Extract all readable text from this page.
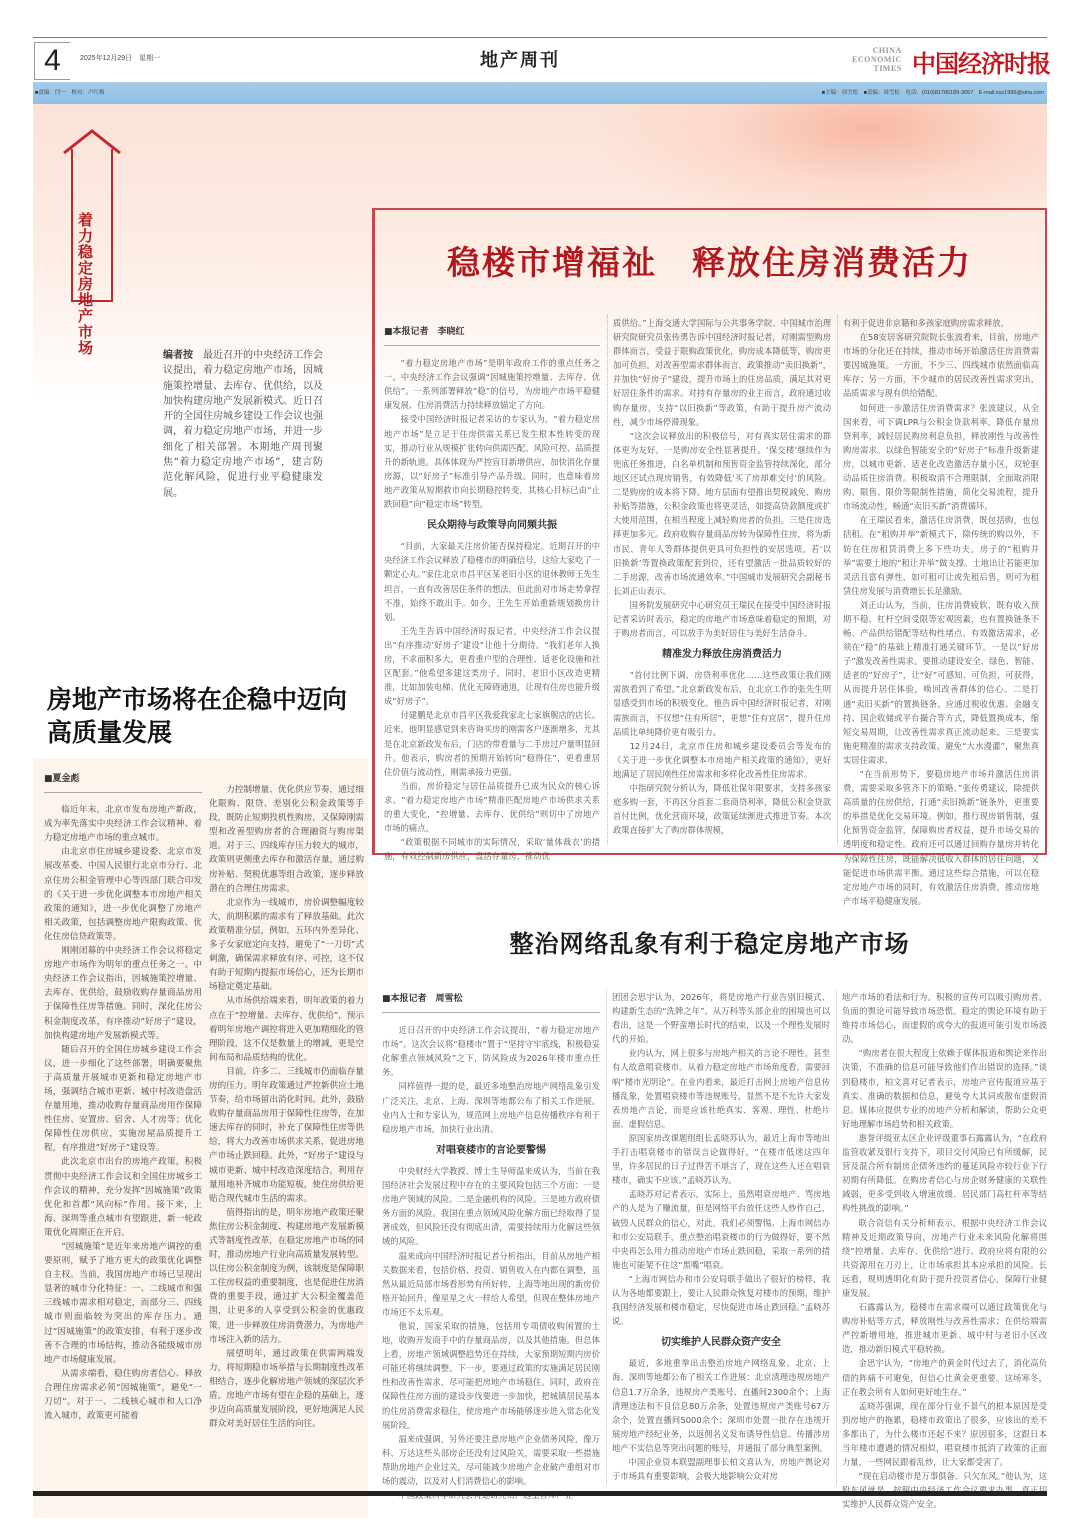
4	2025年12月29日　星期一	地产周刊	CHINA
ECONOMIC
TIMES 中国经济时报
■责编：闫一　校对：卢红梅	■主编：周雪松　■责编：周雪松　电话：(010)81785189-3057　E-mail:xsz1996@sina.com
着力稳定房地产市场	编者按　 最近召开的中央经济工作会议提出，着力稳定房地产市场，因城施策控增量、去库存、优供给，以及加快构建房地产发展新模式。近日召开的全国住房城乡建设工作会议也强调，着力稳定房地产市场，并进一步细化了相关部署。本期地产周刊聚焦“着力稳定房地产市场”，建言防范化解风险，促进行业平稳健康发展。
稳楼市增福祉　释放住房消费活力
■本报记者　李晓红

“着力稳定房地产市场”是明年政府工作的重点任务之一。中央经济工作会议强调“因城施策控增量、去库存、优供给”。一系列部署释放“稳”的信号，为房地产市场平稳健康发展、住房消费活力持续释放锚定了方向。

接受中国经济时报记者采访的专家认为，“着力稳定房地产市场”是立足于住房供需关系已发生根本性转变的现实，推动行业从规模扩张转向供需匹配、风险可控、品质提升的新轨道。具体体现为严控盲目新增供应，加快消化存量房源，以“好房子”标准引导产品升级。同时，也意味着房地产政策从短期救市向长期稳控转变，其核心目标已由“止跌回稳”向“稳定市场”转型。

民众期待与政策导向同频共振

“目前，大家最关注房价能否保持稳定。近期召开的中央经济工作会议释放了稳楼市的明确信号，这给大家吃了一颗定心丸。”家住北京市昌平区某老旧小区的退休教师王先生坦言，一直有改善居住条件的想法，但此前对市场走势拿捏不准，始终不敢出手。如今，王先生开始重新规划换房计划。

王先生告诉中国经济时报记者，中央经济工作会议提出“有序推动‘好房子’建设”让他十分期待。“我们老年人换房，不求面积多大，更看重户型的合理性、适老化设施和社区配套。”他希望多建这类房子，同时，老旧小区改造更精准，比如加装电梯、优化无障碍通道，让现有住房也能升级成“好房子”。

付建鹏是北京市昌平区我爱我家北七家旗舰店的店长。近来，他明显感觉到来咨询买房的刚需客户逐渐增多，尤其是在北京新政发布后，门店的带看量与二手房过户量明显回升。他表示，购房者的预期开始转向“稳得住”，更看重居住价值与流动性，刚需承接力更强。

当前，房价稳定与居住品质提升已成为民众的核心诉求。“着力稳定房地产市场”精准匹配房地产市场供求关系的重大变化，“控增量、去库存、优供给”则切中了房地产市场的痛点。

“政策根据不同城市的实际情况，采取‘量体裁衣’的措施，有效控制新房供应，盘活存量房，推动优

质供给。”上海交通大学国际与公共事务学院、中国城市治理研究院研究员张传勇告诉中国经济时报记者，对刚需型购房群体而言，受益于限购政策优化，购房成本降低等，购房更加可负担。对改善型需求群体而言，政策推动“卖旧换新”，并加快“好房子”建设，提升市场上的住房品质，满足其对更好居住条件的需求。对持有存量房的业主而言，政府通过收购存量房，支持“以旧换新”等政策，有助于提升房产流动性，减少市场停滞现象。

“这次会议释放出的积极信号，对有真实居住需求的群体更为友好。一是购房安全性显著提升。‘保交楼’继续作为兜底任务推进，白名单机制和预售资金监管持续深化，部分地区还试点现房销售，有效降低‘买了房却难交付’的风险。二是购房的成本将下降。地方层面有望推出契税减免、购房补贴等措施，公积金政策也将更灵活，如提高贷款额度或扩大使用范围，在相当程度上减轻购房者的负担。三是住房选择更加多元。政府收购存量商品房转为保障性住房，将为新市民、青年人等群体提供更具可负担性的安居选项。若‘以旧换新’等置换政策配套到位，还有望激活一批品质较好的二手房源，改善市场流通效率。”中国城市发展研究会副秘书长刘正山表示。

国务院发展研究中心研究员王瑞民在接受中国经济时报记者采访时表示，稳定的房地产市场意味着稳定的预期，对于购房者而言，可以放手为美好居住与美好生活奋斗。

精准发力释放住房消费活力

“首付比例下调、房贷利率优化……这些政策让我们刚需族看到了希望。”北京新政发布后，在北京工作的张先生明显感受到市场的积极变化。他告诉中国经济时报记者，对刚需族而言，不仅想“住有所居”，更想“住有宜居”，提升住房品质比单纯降价更有吸引力。

12月24日，北京市住房和城乡建设委员会等发布的《关于进一步优化调整本市房地产相关政策的通知》，更好地满足了居民刚性住房需求和多样化改善性住房需求。

中指研究院分析认为，降低社保年限要求，支持多孩家庭多购一套，不再区分首套二套商贷利率，降低公积金贷款首付比例，优化营商环境，政策延续渐进式推进节奏。本次政策直接扩大了购房群体规模，

有利于促进非京籍和多孩家庭购房需求释放。

在58安居客研究院院长张波看来，目前，房地产市场的分化还在持续，推动市场开始激活住房消费需要因城施策。一方面，不少三、四线城市依然面临高库存；另一方面，不少城市的居民改善性需求突出，品质需求与现有供给错配。

如何进一步激活住房消费需求？张波建议，从全国来看，可下调LPR与公积金贷款利率，降低存量房贷利率，减轻居民购房利息负担，释放刚性与改善性购房需求。以绿色智能安全的“好房子”标准升级新建房，以城市更新、适老化改造激活存量小区，双轮驱动品质住房消费。积极取消不合理限制，全面取消限购、限售、限价等限制性措施，简化交易流程，提升市场流动性，畅通“卖旧买新”消费循环。

在王瑞民看来，激活住房消费，既包括购，也包括租。在“租购并举”新模式下，除传统的购以外，不妨在住房租赁消费上多下些功夫。房子的“租购并举”需要土地的“租让并举”做支撑。土地出让若能更加灵活且富有弹性，如可租可让或先租后售，则可为租赁住房发展与消费增长长足激励。

刘正山认为，当前，住房消费疲软，既有收入预期不稳、杠杆空间受限等宏观因素，也有置换链条不畅、产品供给错配等结构性堵点。有效激活需求，必须在“稳”的基础上精准打通关键环节。一是以“好房子”激发改善性需求。要推动建设安全、绿色、智能、适老的“好房子”，让“好”可感知、可负担、可获得，从而提升居住体验，唤回改善群体的信心。二是打通“卖旧买新”的置换链条。应通过税收优惠、金融支持、国企收储或平台撮合等方式，降低置换成本，缩短交易周期，让改善性需求真正流动起来。三是要实施更精准的需求支持政策。避免“大水漫灌”，聚焦真实居住需求。

“在当前形势下，要稳房地产市场并激活住房消费，需要采取多管齐下的策略。”张传勇建议，除提供高质量的住房供给，打通“卖旧换新”链条外，更重要的举措是优化交易环境。例如，推行现房销售制，强化预售资金监管，保障购房者权益，提升市场交易的透明度和稳定性。政府还可以通过回购存量房并转化为保障性住房，既能解决低收入群体的居住问题，又能促进市场供需平衡。通过这些综合措施，可以在稳定房地产市场的同时，有效激活住房消费，推动房地产市场平稳健康发展。

房地产市场将在企稳中迈向高质量发展
■夏金彪

临近年末，北京市发布房地产新政，成为率先落实中央经济工作会议精神、着力稳定房地产市场的重点城市。

由北京市住房城乡建设委、北京市发展改革委、中国人民银行北京市分行、北京住房公积金管理中心等四部门联合印发的《关于进一步优化调整本市房地产相关政策的通知》，进一步优化调整了房地产相关政策，包括调整房地产限购政策、优化住房信贷政策等。

刚刚闭幕的中央经济工作会议将稳定房地产市场作为明年的重点任务之一。中央经济工作会议指出，因城施策控增量、去库存、优供给，鼓励收购存量商品房用于保障性住房等措施。同时，深化住房公积金制度改革，有序推动“好房子”建设，加快构建房地产发展新模式等。

随后召开的全国住房城乡建设工作会议，进一步细化了这些部署，明确要聚焦于高质量开展城市更新和稳定房地产市场，强调结合城市更新、城中村改造盘活存量用地，推动收购存量商品房用作保障性住房、安置房、宿舍、人才房等；优化保障性住房供应，实施房屋品质提升工程，有序推进“好房子”建设等。

此次北京市出台的房地产政策，积极贯彻中央经济工作会议和全国住房城乡工作会议的精神，充分发挥“因城施策”政策优化和首都“风向标”作用。接下来，上海、深圳等重点城市有望跟进，新一轮政策优化周期正在开启。

“因城施策”是近年来房地产调控的重要原则，赋予了地方更大的政策优化调整自主权。当前，我国房地产市场已呈现出显著的城市分化特征：一、二线城市和强三线城市需求相对稳定，而部分三、四线城市则面临较为突出的库存压力。通过“因城施策”的政策安排，有利于逐步改善不合理的市场结构，推动各能级城市房地产市场健康发展。

从需求端看，稳住购房者信心、释放合理住房需求必须“因城施策”，避免“一刀切”。对于一、二线核心城市和人口净流入城市，政策更可能着

力控制增量、优化供应节奏，通过细化限购、限贷、差别化公积金政策等手段，既防止短期投机性购房，又保障刚需型和改善型购房者的合理融资与购房渠道。对于三、四线库存压力较大的城市，政策则更侧重去库存和激活存量，通过购房补贴、契税优惠等组合政策，逐步释放潜在的合理住房需求。

北京作为一线城市，房价调整幅度较大，前期积累的需求有了释放基础。此次政策精准分层，例如，五环内外差异化、多子女家庭定向支持，避免了“一刀切”式刺激，确保需求释放有序、可控，这不仅有助于短期内提振市场信心，还为长期市场稳定奠定基础。

从市场供给端来看，明年政策的着力点在于“控增量、去库存、优供给”，预示着明年房地产调控将进入更加精细化的管理阶段，这不仅是数量上的增减，更是空间布局和品质结构的优化。

目前，许多二、三线城市仍面临存量房的压力。明年政策通过严控新供应土地节奏，给市场留出消化时间。此外，鼓励收购存量商品房用于保障性住房等，在加速去库存的同时，补充了保障性住房等供给，将大力改善市场供求关系，促进房地产市场止跌回稳。此外，“好房子”建设与城市更新、城中村改造深度结合，利用存量用地补齐城市功能短板，使住房供给更贴合现代城市生活的需求。

值得指出的是，明年房地产政策还聚焦住房公积金制度、构建房地产发展新模式等制度性改革，在稳定房地产市场的同时，推动房地产行业向高质量发展转型。以住房公积金制度为例，该制度是保障职工住房权益的重要制度，也是促进住房消费的重要手段，通过扩大公积金覆盖范围，让更多的人享受到公积金的优惠政策，进一步释放住房消费潜力，为房地产市场注入新的活力。

展望明年，通过政策在供需两端发力，将短期稳市场举措与长期制度性改革相结合，逐步化解房地产领域的深层次矛盾。房地产市场有望在企稳的基础上，逐步迈向高质量发展阶段，更好地满足人民群众对美好居住生活的向往。

整治网络乱象有利于稳定房地产市场
■本报记者　周雪松

近日召开的中央经济工作会议提出，“着力稳定房地产市场”。这次会议将“稳楼市”置于“坚持守牢底线，积极稳妥化解重点领域风险”之下，防风险成为2026年楼市重点任务。

同样值得一提的是，最近多地整治房地产网络乱象引发广泛关注，北京、上海、深圳等地都公布了相关工作进展。业内人士和专家认为，规范网上房地产信息传播秩序有利于稳房地产市场，加快行业出清。

对唱衰楼市的言论要警惕

中央财经大学教授、博士生导师温来成认为，当前在我国经济社会发展过程中存在的主要风险包括三个方面：一是房地产领域的风险。二是金融机构的风险。三是地方政府债务方面的风险。我国在重点领域风险化解方面已经取得了显著成效，但风险还没有彻底出清，需要持续用力化解这些领域的风险。

温来成向中国经济时报记者分析指出，目前从房地产相关数据来看，包括价格、投资、销售收入在内都在调整，虽然从最近局部市场看形势有所好转，上海等地出现的新房价格开始回升，像星星之火一样给人希望，但现在整体房地产市场还不太乐观。

他说，国家采取的措施，包括用专项债收购闲置的土地，收购开发商手中的存量商品房，以及其他措施。但总体上看，房地产领域调整趋势还在持续，大家预期短期内房价可能还将继续调整。下一步，要通过政策的实施满足居民刚性和改善性需求，尽可能把房地产市场稳住。同时，政府在保障性住房方面的建设步伐要进一步加快，把城镇居民基本的住房消费需求稳住，使房地产市场能够逐步进入常态化发展阶段。

温来成强调，另外还要注意房地产企业债务风险，像万科、万达这些头部房企还没有过风险关，需要采取一些措施帮助房地产企业过关，尽可能减少房地产企业破产重组对市场的震动，以及对人们消费信心的影响。

团团会思宇认为，2026年，将是房地产行业告别旧模式、构建新生态的“洗牌之年”。从万科等头部企业的困境也可以看出，这是一个野蛮增长时代的结束，以及一个理性发展时代的开始。

业内认为，网上很多与房地产相关的言论不理性，甚至有人故意唱衰楼市。从着力稳定房地产市场角度看，需要回响“楼市光明论”。在业内看来，最近打击网上房地产信息传播乱象，处置唱衰楼市等违规账号，显然不是不允许大家发表房地产言论，而是应该杜绝真实、客观、理性、杜绝片面、虚假信息。

原国家房改课题组组长孟晓苏认为，最近上海市等地出手打击唱衰楼市的错误言论做得好。“在楼市低迷这四年里，许多居民的日子过得苦不堪言了，现在这些人还在唱衰楼市，确实不应该。”孟晓苏认为。

孟晓苏对记者表示，实际上，虽然唱衰房地产、骂房地产的人是为了赚流量，但是网络平台放任这些人炒作自己，破毁人民群众的信心，对此，我们必须警惕。上海市网信办和市公安局联手，重点整治唱衰楼市的行为做得好，要不然中央再怎么用力推动房地产市场止跌回稳，采取一系列的措施也可能架不住这“黑嘴”唱衰。

“上海市网信办和市公安局联手做出了很好的榜样，我认为各地都要跟上，要让人民群众恢复对楼市的预期，维护我国经济发展和楼市稳定，尽快促进市场止跌回稳。”孟晓苏说。

切实维护人民群众资产安全

最近，多地重拳出击整治房地产网络乱象。北京、上海、深圳等地都公布了相关工作进展：北京清理违规房地产信息1.7万余条，违规房产类账号、直播间2300余个；上海清理违法和不良信息80万余条，处置违规房产类账号67万余个，处置直播间5000余个；深圳市处置一批存在违规开展房地产经纪业务，以返佣名义发布诱导性信息、传播涉房地产不实信息等突出问题的账号，并通报了部分典型案例。

中国企业资本联盟副理事长柏文喜认为，房地产舆论对于市场具有重要影响，会极大地影响公众对房

地产市场的看法和行为。积极的宣传可以吸引购房者，负面的舆论可能导致市场恐慌。稳定的舆论环境有助于维持市场信心，而虚假的或夸大的报道可能引发市场波动。

“购房者在很大程度上依赖于媒体报道和舆论来作出决策，不准确的信息可能导致他们作出错误的选择。”谈到稳楼市，柏文喜对记者表示，房地产宣传报道应基于真实、准确的数据和信息，避免夸大其词或散布虚假消息。媒体应提供专业的房地产分析和解读，帮助公众更好地理解市场趋势和相关政策。

惠誉评级亚太区企业评级董事石露露认为，“在政府监管收紧及银行支持下，项目交付风险已有所缓解，民营及混合所有制房企债务违约的蔓延风险亦较行业下行初期有所降低。在购房者信心与房企财务健康的关联性减弱，更多受到收入增速放缓、居民部门高杠杆率等结构性挑战的影响。”

联合资信有关分析师表示，根据中央经济工作会议精神及近期政策导向，房地产行业未来风险化解将围绕“控增量、去库存、优供给”进行。政府应将有限的公共资源用在刀刃上，让市场承担其本应承担的风险。长远看，规则透明化有助于提升投资者信心，保障行业健康发展。

石露露认为，稳楼市在需求端可以通过政策优化与购房补贴等方式，释放刚性与改善性需求；在供给端需严控新增用地，推进城市更新、城中村与老旧小区改造，推动新旧模式平稳转换。

金思宇认为，“房地产的黄金时代过去了，消化高负债的阵痛不可避免，但信心比黄金更重要。这场寒冬，正在教会所有人如何更好地生存。”

孟晓苏强调，现在部分行业不景气的根本原因是受到房地产的拖累，稳楼市政策出了很多，应该出的差不多都出了，为什么楼市还起不来？原因很多，这跟日本当年楼市遭遇的情况相似，唱衰楼市抵消了政策的正面力量，一些网民跟着乱炒，让大家都受害了。

“现在启动楼市是万事俱备、只欠东风。”他认为，这 实维护人民群众资产安全。
